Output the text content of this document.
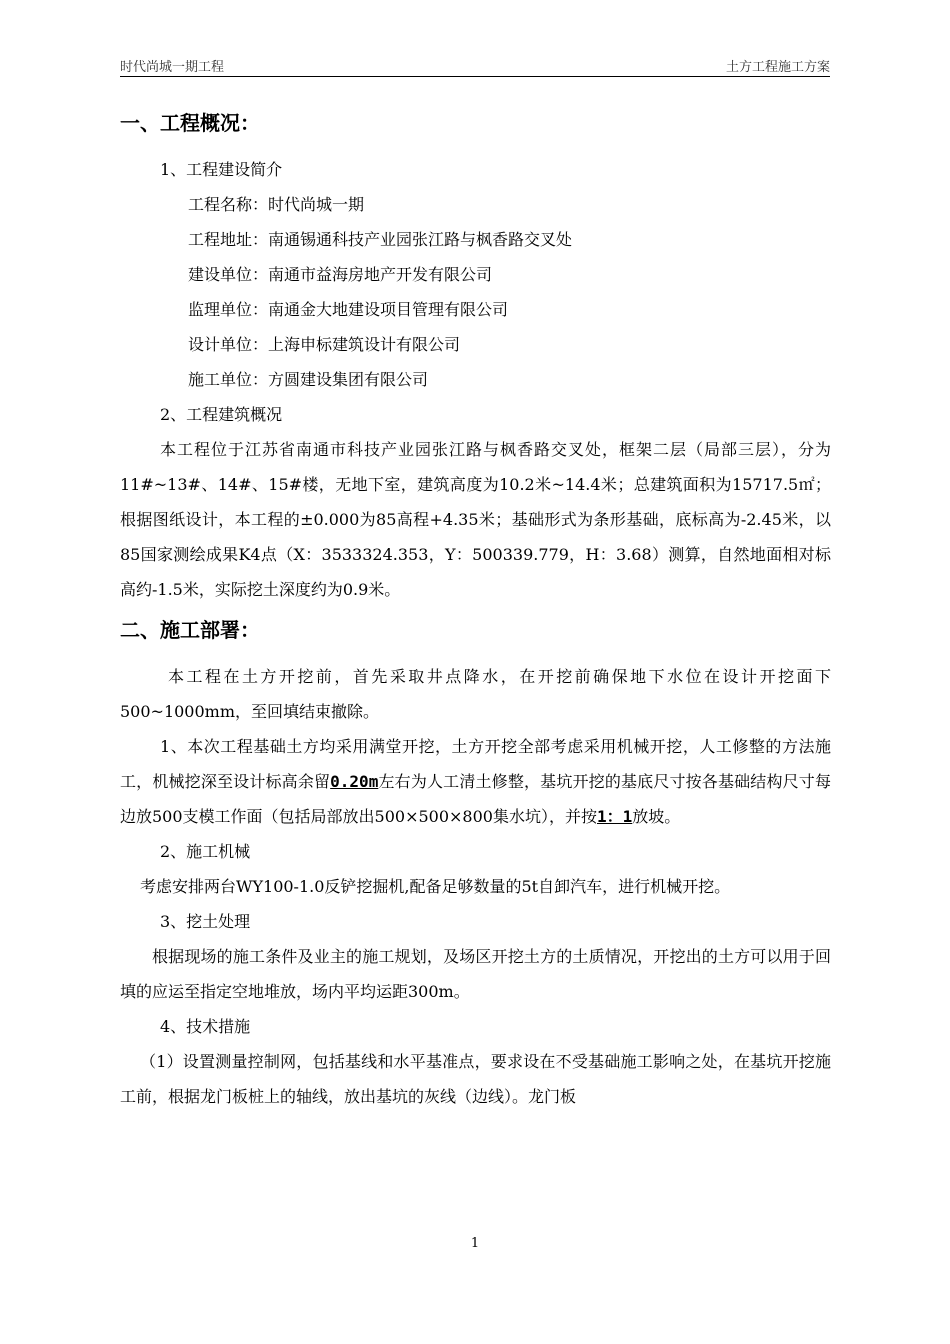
时代尚城一期工程	土方工程施工方案
一、工程概况：
1、工程建设简介
工程名称：时代尚城一期
工程地址：南通锡通科技产业园张江路与枫香路交叉处
建设单位：南通市益海房地产开发有限公司
监理单位：南通金大地建设项目管理有限公司
设计单位：上海申标建筑设计有限公司
施工单位：方圆建设集团有限公司
2、工程建筑概况

本工程位于江苏省南通市科技产业园张江路与枫香路交叉处，框架二层（局部三层），分为11#~13#、14#、15#楼，无地下室，建筑高度为10.2米~14.4米；总建筑面积为15717.5㎡；根据图纸设计，本工程的±0.000为85高程+4.35米；基础形式为条形基础，底标高为-2.45米，以85国家测绘成果K4点（X：3533324.353，Y：500339.779，H：3.68）测算，自然地面相对标高约-1.5米，实际挖土深度约为0.9米。

二、施工部署：

本工程在土方开挖前，首先采取井点降水，在开挖前确保地下水位在设计开挖面下500~1000mm，至回填结束撤除。

1、本次工程基础土方均采用满堂开挖，土方开挖全部考虑采用机械开挖，人工修整的方法施工，机械挖深至设计标高余留0.20m左右为人工清土修整，基坑开挖的基底尺寸按各基础结构尺寸每边放500支模工作面（包括局部放出500×500×800集水坑），并按1：1放坡。

2、施工机械

考虑安排两台WY100-1.0反铲挖掘机,配备足够数量的5t自卸汽车，进行机械开挖。

3、挖土处理

根据现场的施工条件及业主的施工规划，及场区开挖土方的土质情况，开挖出的土方可以用于回填的应运至指定空地堆放，场内平均运距300m。

4、技术措施

（1）设置测量控制网，包括基线和水平基准点，要求设在不受基础施工影响之处，在基坑开挖施工前，根据龙门板桩上的轴线，放出基坑的灰线（边线）。龙门板

1
